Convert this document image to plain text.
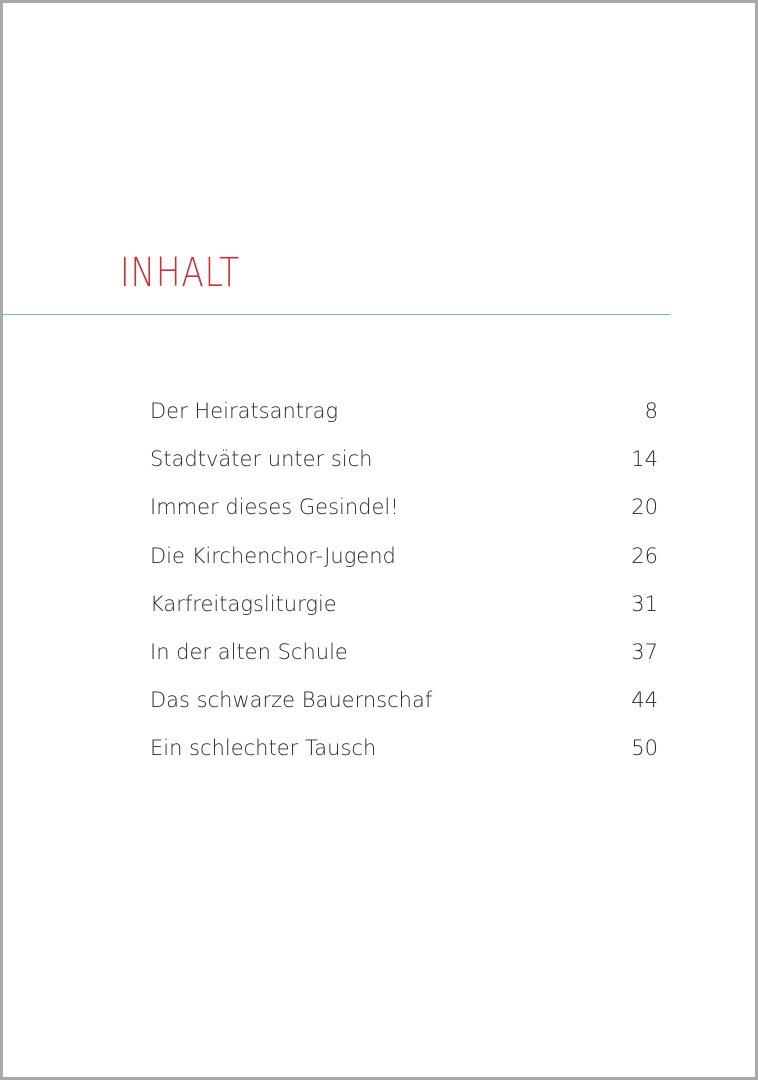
INHALT
Der Heiratsantrag	8
Stadtväter unter sich	14
Immer dieses Gesindel!	20
Die Kirchenchor-Jugend	26
Karfreitagsliturgie	31
In der alten Schule	37
Das schwarze Bauernschaf	44
Ein schlechter Tausch	50
